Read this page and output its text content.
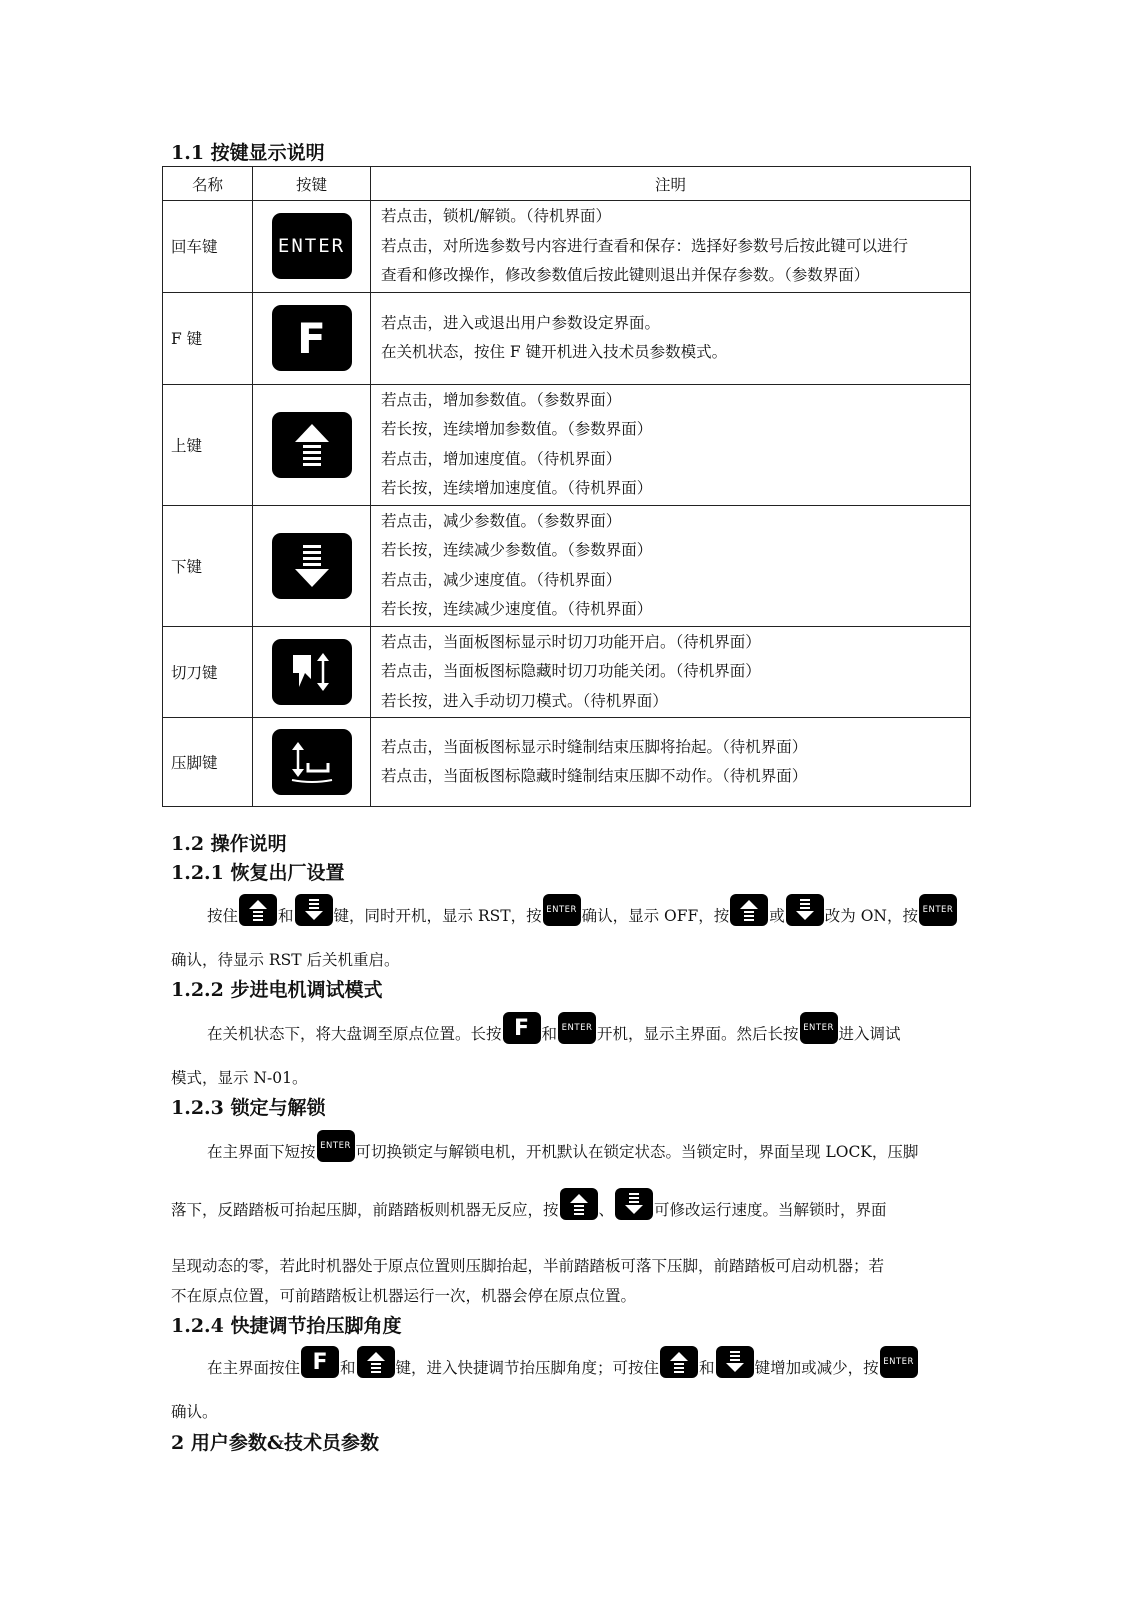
1.1 按键显示说明
名称	按键	注明
回车键	ENTER	若点击，锁机/解锁。（待机界面）
若点击，对所选参数号内容进行查看和保存：选择好参数号后按此键可以进行
查看和修改操作，修改参数值后按此键则退出并保存参数。（参数界面）

F 键	F	若点击，进入或退出用户参数设定界面。
在关机状态，按住 F 键开机进入技术员参数模式。

上键		若点击，增加参数值。（参数界面）
若长按，连续增加参数值。（参数界面）
若点击，增加速度值。（待机界面）
若长按，连续增加速度值。（待机界面）

下键		若点击，减少参数值。（参数界面）
若长按，连续减少参数值。（参数界面）
若点击，减少速度值。（待机界面）
若长按，连续减少速度值。（待机界面）

切刀键		若点击，当面板图标显示时切刀功能开启。（待机界面）
若点击，当面板图标隐藏时切刀功能关闭。（待机界面）
若长按，进入手动切刀模式。（待机界面）

压脚键		若点击，当面板图标显示时缝制结束压脚将抬起。（待机界面）
若点击，当面板图标隐藏时缝制结束压脚不动作。（待机界面）
1.2 操作说明
1.2.1 恢复出厂设置
按住	和	键，同时开机，显示 RST，按 ENTER 确认，显示 OFF，按	或	改为 ON，按 ENTER
确认，待显示 RST 后关机重启。
1.2.2 步进电机调试模式
在关机状态下，将大盘调至原点位置。长按 F 和 ENTER 开机，显示主界面。然后长按 ENTER 进入调试
模式，显示 N-01。
1.2.3 锁定与解锁
在主界面下短按 ENTER 可切换锁定与解锁电机，开机默认在锁定状态。当锁定时，界面呈现 LOCK，压脚
落下，反踏踏板可抬起压脚，前踏踏板则机器无反应，按	、	可修改运行速度。当解锁时，界面
呈现动态的零，若此时机器处于原点位置则压脚抬起，半前踏踏板可落下压脚，前踏踏板可启动机器；若
不在原点位置，可前踏踏板让机器运行一次，机器会停在原点位置。
1.2.4 快捷调节抬压脚角度
在主界面按住 F 和	键，进入快捷调节抬压脚角度；可按住	和	键增加或减少，按 ENTER
确认。
2 用户参数&技术员参数
